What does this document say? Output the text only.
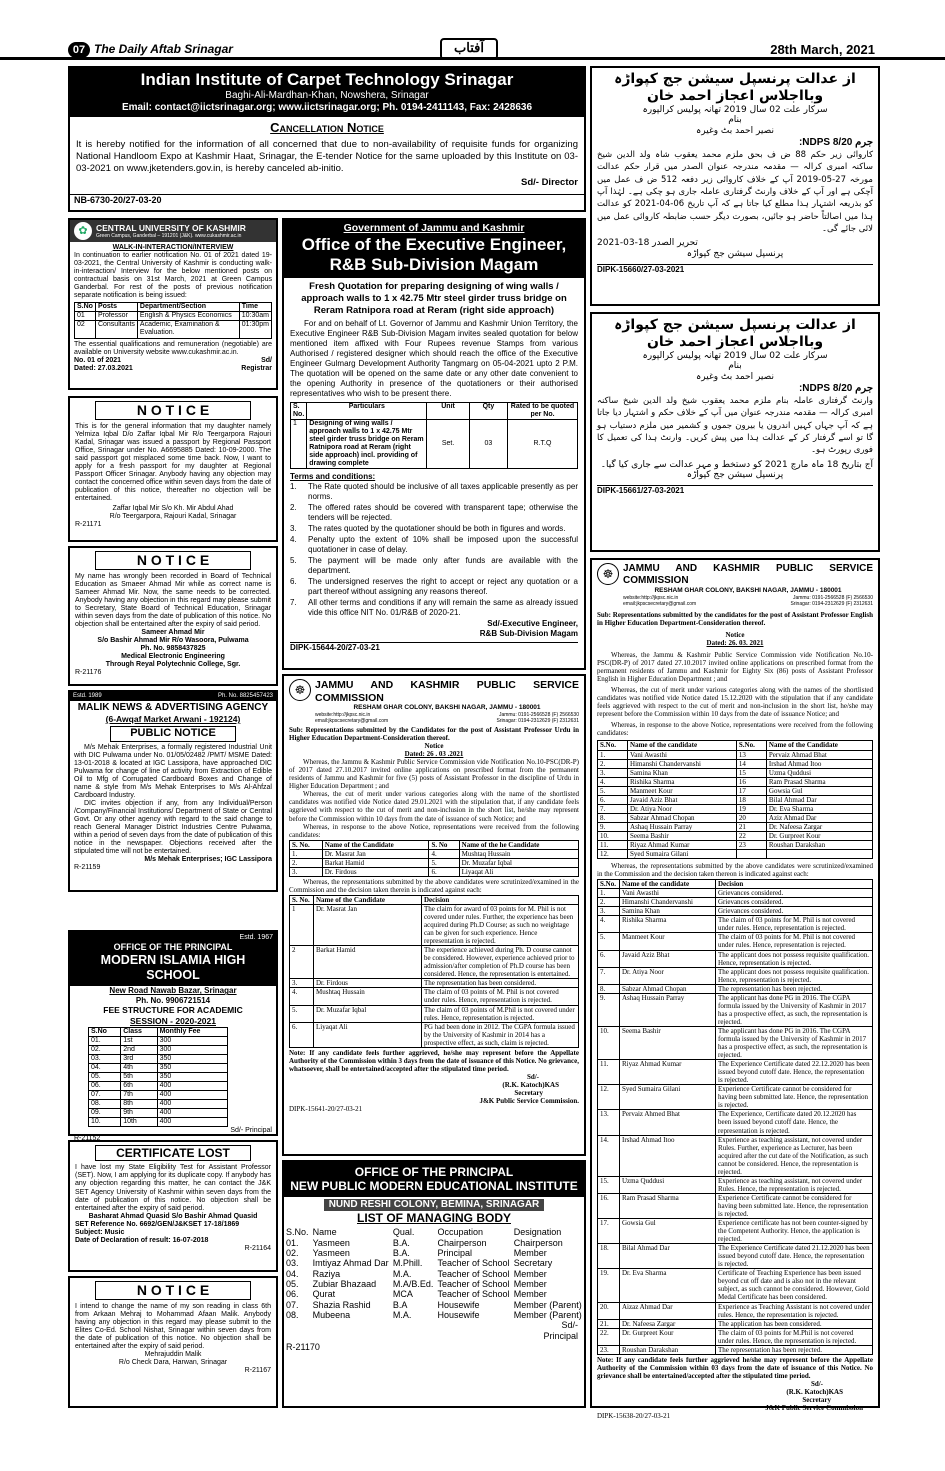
07 The Daily Aftab Srinagar	آفتاب	28th March, 2021
Indian Institute of Carpet Technology Srinagar
Baghi-Ali-Mardhan-Khan, Nowshera, Srinagar
Email: contact@iictsrinagar.org; www.iictsrinagar.org; Ph. 0194-2411143, Fax: 2428636
Cancellation Notice
It is hereby notified for the information of all concerned that due to non-availability of requisite funds for organizing National Handloom Expo at Kashmir Haat, Srinagar, the E-tender Notice for the same uploaded by this Institute on 03-03-2021 on www.jketenders.gov.in, is hereby canceled ab-initio.
Sd/- Director
NB-6730-20/27-03-20
✿ CENTRAL UNIVERSITY OF KASHMIR
Green Campus, Ganderbal – 191201 (J&K). www.cukashmir.ac.in
WALK-IN-INTERACTION/INTERVIEW
In continuation to earlier notification No. 01 of 2021 dated 19-03-2021, the Central University of Kashmir is conducting walk-in-interaction/ Interview for the below mentioned posts on contractual basis on 31st March, 2021 at Green Campus Ganderbal. For rest of the posts of previous notification separate notification is being issued:
S.No	Posts	Department/Section	Time
01	Professor	English & Physics Economics	10:30am
02	Consultants	Academic, Examination & Evaluation.	01:30pm
The essential qualifications and remuneration (negotiable) are available on University website www.cukashmir.ac.in.
No. 01 of 2021	Sd/
Dated: 27.03.2021	Registrar
N O T I C E
This is for the general information that my daughter namely Yelmiza Iqbal D/o Zaffar Iqbal Mir R/o Teergarpora Rajouri Kadal, Srinagar was issued a passport by Regional Passport Office, Srinagar under No. A6695885 Dated: 10-09-2000. The said passport got misplaced some time back. Now, I want to apply for a fresh passport for my daughter at Regional Passport Officer Srinagar. Anybody having any objection may contact the concerned office within seven days from the date of publication of this notice, thereafter no objection will be entertained.
Zaffar Iqbal Mir S/o Kh. Mir Abdul Ahad
R/o Teergarpora, Rajouri Kadal, Srinagar
R-21171
N O T I C E
My name has wrongly been recorded in Board of Technical Education as Smaeer Ahmad Mir while as correct name is Sameer Ahmad Mir. Now, the same needs to be corrected. Anybody having any objection in this regard may please submit to Secretary, State Board of Technical Education, Srinagar within seven days from the date of publication of this notice. No objection shall be entertained after the expiry of said period.
Sameer Ahmad Mir
S/o Bashir Ahmad Mir R/o Wasoora, Pulwama
Ph. No. 9858437825
Medical Electronic Engineering
Through Reyal Polytechnic College, Sgr.
R-21176
Estd. 1989	Ph. No. 8825457423
MALIK NEWS & ADVERTISING AGENCY
(6-Awqaf Market Arwani - 192124)
PUBLIC NOTICE
M/s Mehak Enterprises, a formally registered Industrial Unit with DIC Pulwama under No. 01/05/02482 /PMT/ MSME Dated: 13-01-2018 & located at IGC Lassipora, have approached DIC Pulwama for change of line of activity from Extraction of Edible Oil to Mfg of Corrugated Cardboard Boxes and Change of name & style from M/s Mehak Enterprises to M/s Al-Ahfzal Cardboard Industry.
DIC invites objection if any, from any Individual/Person /Company/Financial Institutions/ Department of State or Central Govt. Or any other agency with regard to the said change to reach General Manager District Industries Centre Pulwama, within a period of seven days from the date of publication of this notice in the newspaper. Objections received after the stipulated time will not be entertained.
M/s Mehak Enterprises; IGC Lassipora
R-21159
Estd. 1967
OFFICE OF THE PRINCIPAL
MODERN ISLAMIA HIGH SCHOOL
New Road Nawab Bazar, Srinagar
Ph. No. 9906721514
FEE STRUCTURE FOR ACADEMIC
SESSION - 2020-2021
S.No	Class	Monthly Fee
01.	1st	300
02.	2nd	300
03.	3rd	350
04.	4th	350
05.	5th	350
06.	6th	400
07.	7th	400
08.	8th	400
09.	9th	400
10.	10th	400
Sd/- Principal
R-21152
CERTIFICATE LOST
I have lost my State Eligibility Test for Assistant Professor (SET). Now, I am applying for its duplicate copy. If anybody has any objection regarding this matter, he can contact the J&K SET Agency University of Kashmir within seven days from the date of publication of this notice. No objection shall be entertained after the expiry of said period.
Basharat Ahmad Quasid S/o Bashir Ahmad Quasid
SET Reference No. 6692/GEN/J&KSET 17-18/1869
Subject: Music
Date of Declaration of result: 16-07-2018
R-21164
N O T I C E
I intend to change the name of my son reading in class 6th from Arkaan Mehraj to Mohammad Afaan Malik. Anybody having any objection in this regard may please submit to the Elites Co-Ed. School Nishat, Srinagar within seven days from the date of publication of this notice. No objection shall be entertained after the expiry of said period.
Mehrajuddin Malik
R/o Check Dara, Harwan, Srinagar
R-21167
Government of Jammu and Kashmir
Office of the Executive Engineer,
R&B Sub-Division Magam
Fresh Quotation for preparing designing of wing walls / approach walls to 1 x 42.75 Mtr steel girder truss bridge on Reram Ratnipora road at Reram (right side approach)
For and on behalf of Lt. Governor of Jammu and Kashmir Union Territory, the Executive Engineer R&B Sub-Division Magam invites sealed quotation for below mentioned item affixed with Four Rupees revenue Stamps from various Authorised / registered designer which should reach the office of the Executive Engineer Gulmarg Development Authority Tangmarg on 05-04-2021 upto 2 P.M. The quotation will be opened on the same date or any other date convenient to the opening Authority in presence of the quotationers or their authorised representatives who wish to be present there.
S. No.	Particulars	Unit	Qty	Rated to be quoted per No.
1	Designing of wing walls / approach walls to 1 x 42.75 Mtr steel girder truss bridge on Reram Ratnipora road at Reram (right side approach) incl. providing of drawing complete	Set.	03	R.T.Q
Terms and conditions:
1.	The Rate quoted should be inclusive of all taxes applicable presently as per norms.
2.	The offered rates should be covered with transparent tape; otherwise the tenders will be rejected.
3.	The rates quoted by the quotationer should be both in figures and words.
4.	Penalty upto the extent of 10% shall be imposed upon the successful quotationer in case of delay.
5.	The payment will be made only after funds are available with the department.
6.	The undersigned reserves the right to accept or reject any quotation or a part thereof without assigning any reasons thereof.
7.	All other terms and conditions if any will remain the same as already issued vide this office NIT No. 01/R&B of 2020-21.
Sd/-Executive Engineer,
R&B Sub-Division Magam
DIPK-15644-20/27-03-21
☸ JAMMU AND KASHMIR PUBLIC SERVICE COMMISSION
RESHAM GHAR COLONY, BAKSHI NAGAR, JAMMU - 180001
website:http://jkpsc.nic.in	Jammu: 0191-2566528 (F) 2566530
email:jkpscsecretary@gmail.com	Srinagar: 0194-2312629 (F) 2312631
Sub: Representations submitted by the Candidates for the post of Assistant Professor Urdu in Higher Education Department-Consideration thereof.
Notice
Dated: 26 . 03 .2021
Whereas, the Jammu & Kashmir Public Service Commission vide Notification No.10-PSC(DR-P) of 2017 dated 27.10.2017 invited online applications on prescribed format from the permanent residents of Jammu and Kashmir for five (5) posts of Assistant Professor in the discipline of Urdu in Higher Education Department ; and
Whereas, the cut of merit under various categories along with the name of the shortlisted candidates was notified vide Notice dated 29.01.2021 with the stipulation that, if any candidate feels aggrieved with respect to the cut of merit and non-inclusion in the short list, he/she may represent before the Commission within 10 days from the date of issuance of such Notice; and
Whereas, in response to the above Notice, representations were received from the following candidates:
S. No.	Name of the Candidate	S. No	Name of the he Candidate
1.	Dr. Masrat Jan	4.	Mushtaq Hussain
2.	Barkat Hamid	5.	Dr. Muzafar Iqbal
3.	Dr. Firdous	6.	Liyaqat Ali
Whereas, the representations submitted by the above candidates were scrutinized/examined in the Commission and the decision taken therein is indicated against each:
S. No.	Name of the Candidate	Decision
1	Dr. Masrat Jan	The claim for award of 03 points for M. Phil is not covered under rules. Further, the experience has been acquired during Ph.D Course; as such no weightage can be given for such experience. Hence representation is rejected.
2	Barkat Hamid	The experience achieved during Ph. D course cannot be considered. However, experience achieved prior to admission/after completion of Ph.D course has been considered. Hence, the representation is entertained.
3.	Dr. Firdous	The representation has been considered.
4.	Mushtaq Hussain	The claim of 03 points of M. Phil is not covered under rules. Hence, representation is rejected.
5.	Dr. Muzafar Iqbal	The claim of 03 points of M.Phil is not covered under rules. Hence, representation is rejected.
6.	Liyaqat Ali	PG had been done in 2012. The CGPA formula issued by the University of Kashmir in 2014 has a prospective effect, as such, claim is rejected.
Note: If any candidate feels further aggrieved, he/she may represent before the Appellate Authority of the Commission within 3 days from the date of issuance of this Notice. No grievance, whatsoever, shall be entertained/accepted after the stipulated time period.
Sd/-
(R.K. Katoch)KAS
Secretary
J&K Public Service Commission.
DIPK-15641-20/27-03-21
OFFICE OF THE PRINCIPAL
NEW PUBLIC MODERN EDUCATIONAL INSTITUTE
NUND RESHI COLONY, BEMINA, SRINAGAR
LIST OF MANAGING BODY
S.No.	Name	Qual.	Occupation	Designation
01.	Yasmeen	B.A.	Chairperson	Chairperson
02.	Yasmeen	B.A.	Principal	Member
03.	Imtiyaz Ahmad Dar	M.Phill.	Teacher of School	Secretary
04.	Raziya	M.A.	Teacher of School	Member
05.	Zubiar Bhazaad	M.A/B.Ed.	Teacher of School	Member
06.	Qurat	MCA	Teacher of School	Member
07.	Shazia Rashid	B.A	Housewife	Member (Parent)
08.	Mubeena	M.A.	Housewife	Member (Parent)
Sd/-
Principal
R-21170
از عدالت پرنسپل سیشن جج کپواڑہ وبااجلاس اعجاز احمد خان
سرکار علت 02 سال 2019 تھانہ پولیس کرالپورہ
بنام
نصیر احمد بٹ وغیرہ
جرم 8/20 NDPS:
کاروائی زیر حکم 88 ض ف بحق ملزم محمد یعقوب شاہ ولد الدین شیخ ساکنہ امبری کرالہ — مقدمہ مندرجہ عنوان الصدر میں قرار حکم عدالت مورخہ 27-05-2019 آپ کے خلاف کاروائی زیر دفعہ 512 ض ف عمل میں آچکی ہے اور آپ کے خلاف وارنٹ گرفتاری عاملہ جاری ہو چکی ہے۔ لہٰذا آپ کو بذریعہ اشتہار ہذا مطلع کیا جاتا ہے کہ آپ تاریخ 06-04-2021 کو عدالت ہذا میں اصالتاً حاضر ہو جائیں، بصورت دیگر حسب ضابطہ کاروائی عمل میں لائی جائے گی۔
تحریر الصدر 18-03-2021
پرنسپل سیشن جج کپواڑہ
DIPK-15660/27-03-2021
از عدالت پرنسپل سیشن جج کپواڑہ وبااجلاس اعجاز احمد خان
سرکار علت 02 سال 2019 تھانہ پولیس کرالپورہ
بنام
نصیر احمد بٹ وغیرہ
جرم 8/20 NDPS:
وارنٹ گرفتاری عاملہ بنام ملزم محمد یعقوب شیخ ولد الدین شیخ ساکنہ امبری کرالہ — مقدمہ مندرجہ عنوان میں آپ کے خلاف حکم و اشتہار دیا جاتا ہے کہ آپ جہاں کہیں اندرون یا بیرون جموں و کشمیر میں ملزم دستیاب ہو گا تو اسے گرفتار کر کے عدالت ہذا میں پیش کریں۔ وارنٹ ہذا کی تعمیل کا فوری رپورٹ ہو۔
آج بتاریخ 18 ماہ مارچ 2021 کو دستخط و مہر عدالت سے جاری کیا گیا۔
پرنسپل سیشن جج کپواڑہ
DIPK-15661/27-03-2021
☸ JAMMU AND KASHMIR PUBLIC SERVICE COMMISSION
RESHAM GHAR COLONY, BAKSHI NAGAR, JAMMU - 180001
website:http://jkpsc.nic.in	Jammu: 0191-2566528 (F) 2566530
email:jkpscsecretary@gmail.com	Srinagar: 0194-2312629 (F) 2312631
Sub: Representations submitted by the candidates for the post of Assistant Professor English in Higher Education Department-Consideration thereof.
Notice
Dated: 26. 03. 2021
Whereas, the Jammu & Kashmir Public Service Commission vide Notification No.10-PSC(DR-P) of 2017 dated 27.10.2017 invited online applications on prescribed format from the permanent residents of Jammu and Kashmir for Eighty Six (86) posts of Assistant Professor English in Higher Education Department ; and
Whereas, the cut of merit under various categories along with the names of the shortlisted candidates was notified vide Notice dated 15.12.2020 with the stipulation that if any candidate feels aggrieved with respect to the cut of merit and non-inclusion in the short list, he/she may represent before the Commission within 10 days from the date of issuance Notice; and
Whereas, in response to the above Notice, representations were received from the following candidates:
S.No.	Name of the candidate	S.No.	Name of the Candidate
1.	Vani Awasthi	13	Pervaiz Ahmad Bhat
2.	Himanshi Chandervanshi	14	Irshad Ahmad Itoo
3.	Samina Khan	15	Uzma Quddusi
4.	Rishika Sharma	16	Ram Prasad Sharma
5.	Manmeet Kour	17	Gowsia Gul
6.	Javaid Aziz Bhat	18	Bilal Ahmad Dar
7.	Dr. Atiya Noor	19	Dr. Eva Sharma
8.	Sabzar Ahmad Chopan	20	Aziz Ahmad Dar
9.	Ashaq Hussain Parray	21	Dr. Nafeesa Zargar
10.	Seema Bashir	22	Dr. Gurpreet Kour
11.	Riyaz Ahmad Kumar	23	Roushan Darakshan
12.	Syed Sumaira Gilani		
Whereas, the representations submitted by the above candidates were scrutinized/examined in the Commission and the decision taken thereon is indicated against each:
S.No.	Name of the candidate	Decision
1.	Vani Awasthi	Grievances considered.
2.	Himanshi Chandervanshi	Grievances considered.
3.	Samina Khan	Grievances considered.
4.	Rishika Sharma	The claim of 03 points for M. Phil is not covered under rules. Hence, representation is rejected.
5.	Manmeet Kour	The claim of 03 points for M. Phil is not covered under rules. Hence, representation is rejected.
6.	Javaid Aziz Bhat	The applicant does not possess requisite qualification. Hence, representation is rejected.
7.	Dr. Atiya Noor	The applicant does not possess requisite qualification. Hence, representation is rejected.
8.	Sabzar Ahmad Chopan	The representation has been rejected.
9.	Ashaq Hussain Parray	The applicant has done PG in 2016. The CGPA formula issued by the University of Kashmir in 2017 has a prospective effect, as such, the representation is rejected.
10.	Seema Bashir	The applicant has done PG in 2016. The CGPA formula issued by the University of Kashmir in 2017 has a prospective effect, as such, the representation is rejected.
11.	Riyaz Ahmad Kumar	The Experience Certificate dated 22.12.2020 has been issued beyond cutoff date. Hence, the representation is rejected.
12.	Syed Sumaira Gilani	Experience Certificate cannot be considered for having been submitted late. Hence, the representation is rejected.
13.	Pervaiz Ahmed Bhat	The Experience, Certificate dated 20.12.2020 has been issued beyond cutoff date. Hence, the representation is rejected.
14.	Irshad Ahmad Itoo	Experience as teaching assistant, not covered under Rules. Further, experience as Lecturer, has been acquired after the cut date of the Notification, as such cannot be considered. Hence, the representation is rejected.
15.	Uzma Quddusi	Experience as teaching assistant, not covered under Rules. Hence, the representation is rejected.
16.	Ram Prasad Sharma	Experience Certificate cannot be considered for having been submitted late. Hence, the representation is rejected.
17.	Gowsia Gul	Experience certificate has not been counter-signed by the Competent Authority. Hence, the application is rejected.
18.	Bilal Ahmad Dar	The Experience Certificate dated 21.12.2020 has been issued beyond cutoff date. Hence, the representation is rejected.
19.	Dr. Eva Sharma	Certificate of Teaching Experience has been issued beyond cut off date and is also not in the relevant subject, as such cannot be considered. However, Gold Medal Certificate has been considered.
20.	Aizaz Ahmad Dar	Experience as Teaching Assistant is not covered under rules. Hence, the representation is rejected.
21.	Dr. Nafeesa Zargar	The application has been considered.
22.	Dr. Gurpreet Kour	The claim of 03 points for M.Phil is not covered under rules. Hence, the representation is rejected.
23.	Roushan Darakshan	The representation has been rejected.
Note: If any candidate feels further aggrieved he/she may represent before the Appellate Authority of the Commission within 03 days from the date of issuance of this Notice. No grievance shall be entertained/accepted after the stipulated time period.
Sd/-
(R.K. Katoch)KAS
Secretary
J&K Public Service Commission
DIPK-15638-20/27-03-21
